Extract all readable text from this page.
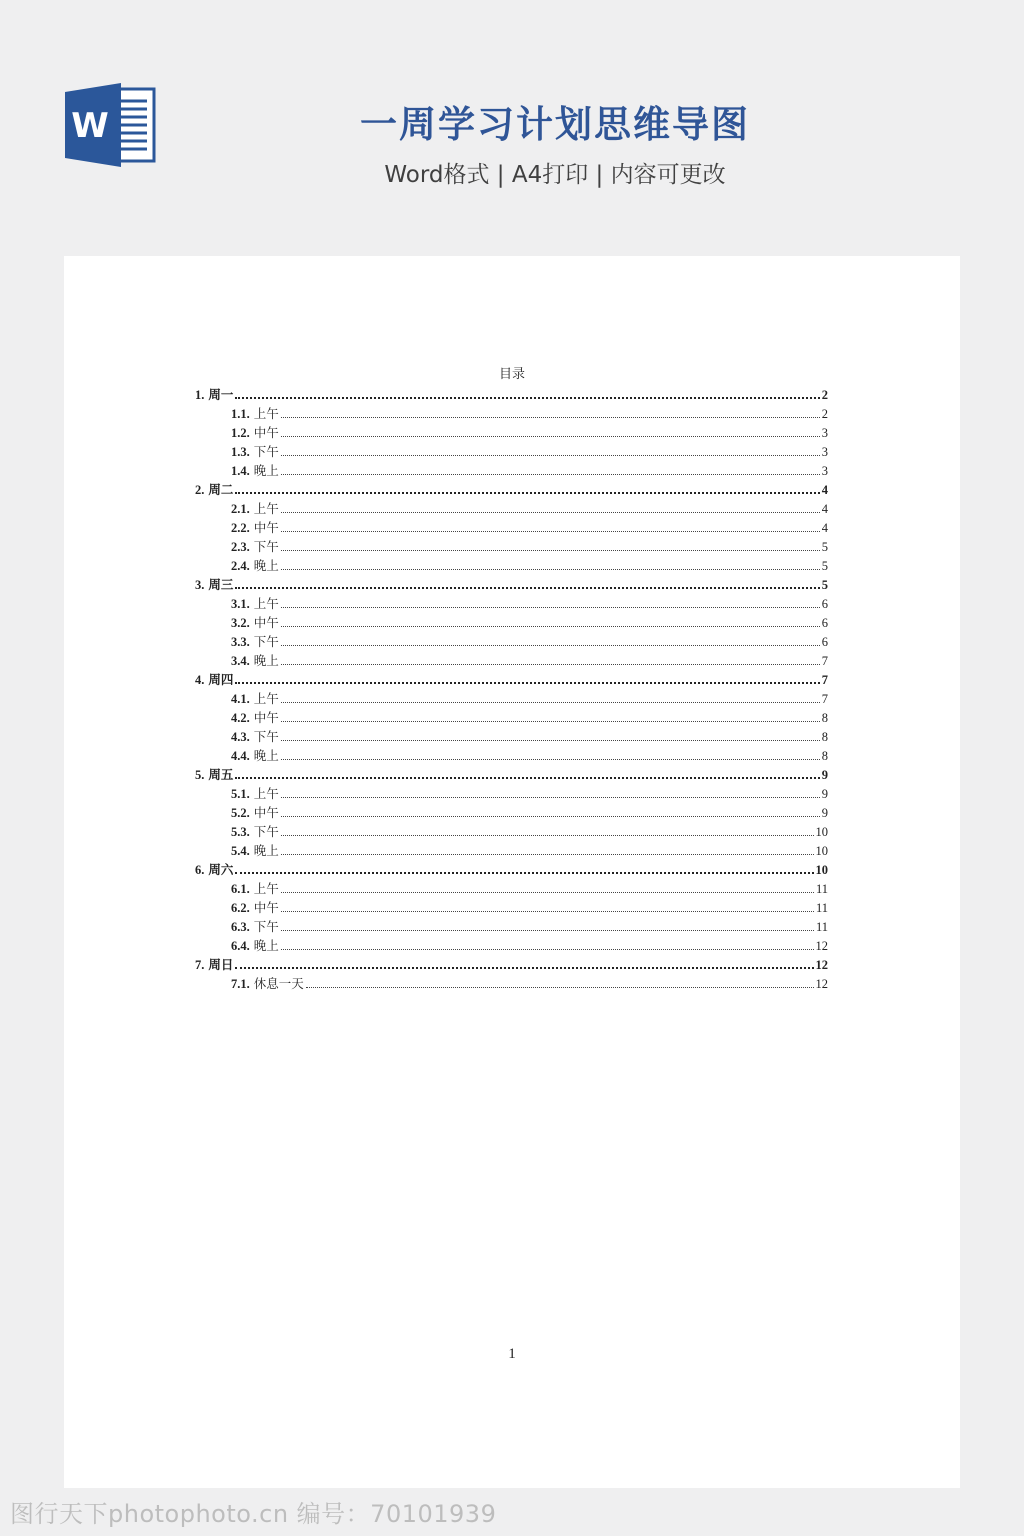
W	一周学习计划思维导图
Word格式 | A4打印 | 内容可更改
目录
1. 周一	2
1.1. 上午	2
1.2. 中午	3
1.3. 下午	3
1.4. 晚上	3
2. 周二	4
2.1. 上午	4
2.2. 中午	4
2.3. 下午	5
2.4. 晚上	5
3. 周三	5
3.1. 上午	6
3.2. 中午	6
3.3. 下午	6
3.4. 晚上	7
4. 周四	7
4.1. 上午	7
4.2. 中午	8
4.3. 下午	8
4.4. 晚上	8
5. 周五	9
5.1. 上午	9
5.2. 中午	9
5.3. 下午	10
5.4. 晚上	10
6. 周六	10
6.1. 上午	11
6.2. 中午	11
6.3. 下午	11
6.4. 晚上	12
7. 周日	12
7.1. 休息一天	12
1
图行天下photophoto.cn 编号：70101939
